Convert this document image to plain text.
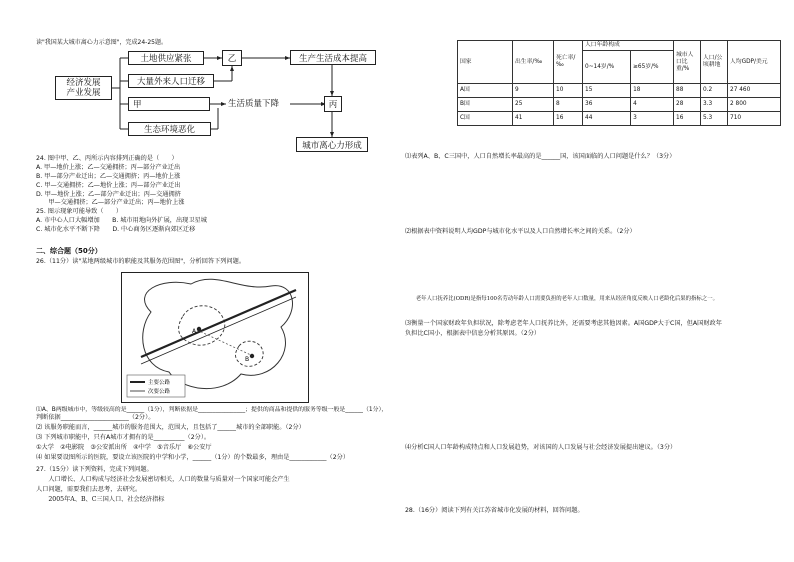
读"我国某大城市离心力示意图"，完成24-25题。
经济发展
产业发展
土地供应紧张
大量外来人口迁移
甲
生态环境恶化
乙	生产生活成本提高
生活质量下降	丙
城市离心力形成
24. 图中甲、乙、丙所示内容排列正确的是（　　）
A. 甲—地价上涨；乙—交通拥挤；丙—部分产业迁出
B. 甲—部分产业迁出；乙—交通拥挤；丙—地价上涨
C. 甲—交通拥挤；乙—地价上涨；丙—部分产业迁出
D. 甲—地价上涨；乙—部分产业迁出；丙—交通拥挤
　　甲—交通拥挤；乙—部分产业迁出；丙—地价上涨
25. 图示现象可能导致（　　）
A. 市中心人口大幅增加　　B. 城市用地向外扩展，出现卫星城
C. 城市化水平不断下降　　D. 中心商务区逐渐向郊区迁移
二、综合题（50分）
26.（11分）读"某地两级城市的职能及其服务范围图"，分析回答下列问题。
A
B
主要公路
次要公路
⑴A、B两级城市中，等级较高的是______（1分），判断依据是________________；提供的商品和提供的服务等级一般是______（1分），
判断依据______________________（2分）。
⑵ 该服务职能而言，______城市的服务范围大，范围大，且包括了______城市的全部职能。（2分）
⑶ 下列城市职能中，只有A城市才拥有的是__________（2分）。
①大学　②电影院　③公安派出所　④中学　⑤音乐厅　⑥公安厅
⑷ 如果要设图所示的医院，要设立该医院的中学和小学，______（1分）的个数最多，理由是____________（2分）
27.（15分）读下列资料，完成下列问题。
　　人口增长、人口构成与经济社会发展密切相关，人口的数量与质量对一个国家可能会产生
人口问题，需要我们去思考，去研究。
　　2005年A、B、C三国人口、社会经济指标
国家	出生率/‰	死亡率/‰	人口年龄构成		城市人口比重/%	人口/公顷耕地	人均GDP/美元
			0~14岁/%	≥65岁/%			
A国	9	10	15	18	88	0.2	27 460
B国	25	8	36	4	28	3.3	2 800
C国	41	16	44	3	16	5.3	710
⑴表列A、B、C三国中，人口自然增长率最高的是______国，该国面临的人口问题是什么？（3分）
⑵根据表中资料说明人均GDP与城市化水平以及人口自然增长率之间的关系。（2分）
　　老年人口抚养比(ODR)是指每100名劳动年龄人口需要负担的老年人口数量，用来从经济角度反映人口老龄化后果的指标之一。
⑶衡量一个国家财政年负担状况，除考虑老年人口抚养比外，还需要考虑其他因素。A国GDP大于C国，但A国财政年
负担比C国小，根据表中信息分析其原因。（2分）
⑷分析C国人口年龄构成特点和人口发展趋势，对该国的人口发展与社会经济发展提出建议。（3分）
28.（16分）阅读下列有关江苏省城市化发展的材料，回答问题。
